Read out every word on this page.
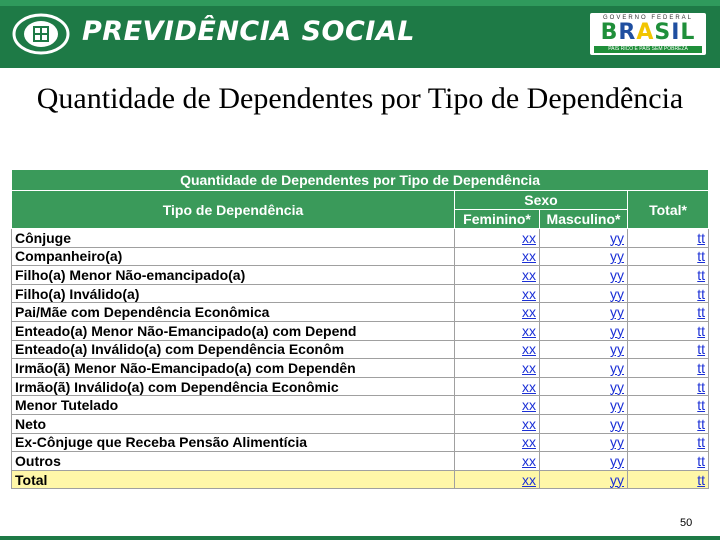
PREVIDÊNCIA SOCIAL	GOVERNO FEDERAL
BRASIL
PAÍS RICO É PAÍS SEM POBREZA
Quantidade de Dependentes por Tipo de Dependência
Quantidade de Dependentes por Tipo de Dependência			
Tipo de Dependência	Sexo		Total*
	Feminino*	Masculino*	
Cônjuge	xx	yy	tt
Companheiro(a)	xx	yy	tt
Filho(a) Menor Não-emancipado(a)	xx	yy	tt
Filho(a) Inválido(a)	xx	yy	tt
Pai/Mãe com Dependência Econômica	xx	yy	tt
Enteado(a) Menor Não-Emancipado(a) com Depend	xx	yy	tt
Enteado(a) Inválido(a) com Dependência Econôm	xx	yy	tt
Irmão(ã) Menor Não-Emancipado(a) com Dependên	xx	yy	tt
Irmão(ã) Inválido(a) com Dependência Econômic	xx	yy	tt
Menor Tutelado	xx	yy	tt
Neto	xx	yy	tt
Ex-Cônjuge que Receba Pensão Alimentícia	xx	yy	tt
Outros	xx	yy	tt
Total	xx	yy	tt
50
